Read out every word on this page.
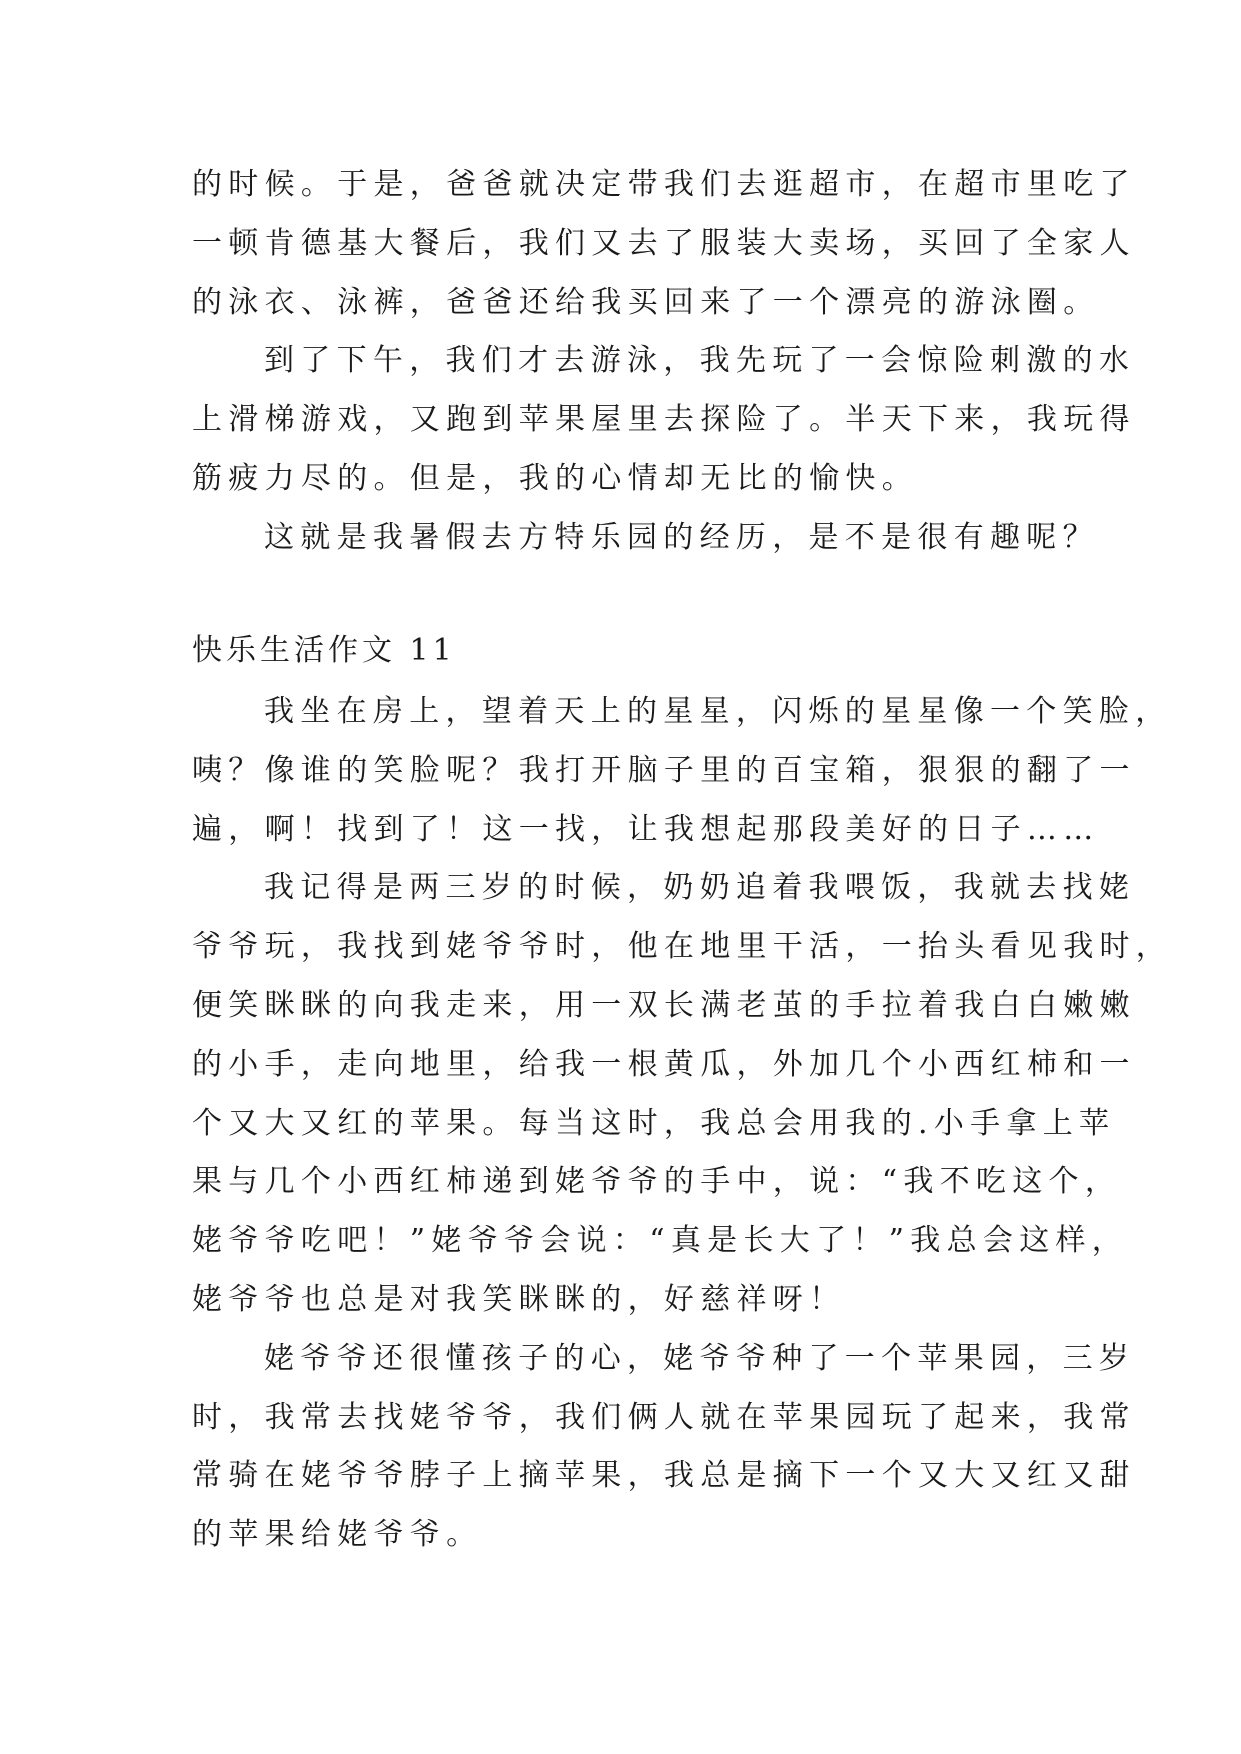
的时候。于是，爸爸就决定带我们去逛超市，在超市里吃了
一顿肯德基大餐后，我们又去了服装大卖场，买回了全家人
的泳衣、泳裤，爸爸还给我买回来了一个漂亮的游泳圈。
到了下午，我们才去游泳，我先玩了一会惊险刺激的水
上滑梯游戏，又跑到苹果屋里去探险了。半天下来，我玩得
筋疲力尽的。但是，我的心情却无比的愉快。
这就是我暑假去方特乐园的经历，是不是很有趣呢？
快乐生活作文 11
我坐在房上，望着天上的星星，闪烁的星星像一个笑脸，
咦？像谁的笑脸呢？我打开脑子里的百宝箱，狠狠的翻了一
遍，啊！找到了！这一找，让我想起那段美好的日子……
我记得是两三岁的时候，奶奶追着我喂饭，我就去找姥
爷爷玩，我找到姥爷爷时，他在地里干活，一抬头看见我时，
便笑眯眯的向我走来，用一双长满老茧的手拉着我白白嫩嫩
的小手，走向地里，给我一根黄瓜，外加几个小西红柿和一
个又大又红的苹果。每当这时，我总会用我的.小手拿上苹
果与几个小西红柿递到姥爷爷的手中，说：“我不吃这个，
姥爷爷吃吧！”姥爷爷会说：“真是长大了！”我总会这样，
姥爷爷也总是对我笑眯眯的，好慈祥呀！
姥爷爷还很懂孩子的心，姥爷爷种了一个苹果园，三岁
时，我常去找姥爷爷，我们俩人就在苹果园玩了起来，我常
常骑在姥爷爷脖子上摘苹果，我总是摘下一个又大又红又甜
的苹果给姥爷爷。
